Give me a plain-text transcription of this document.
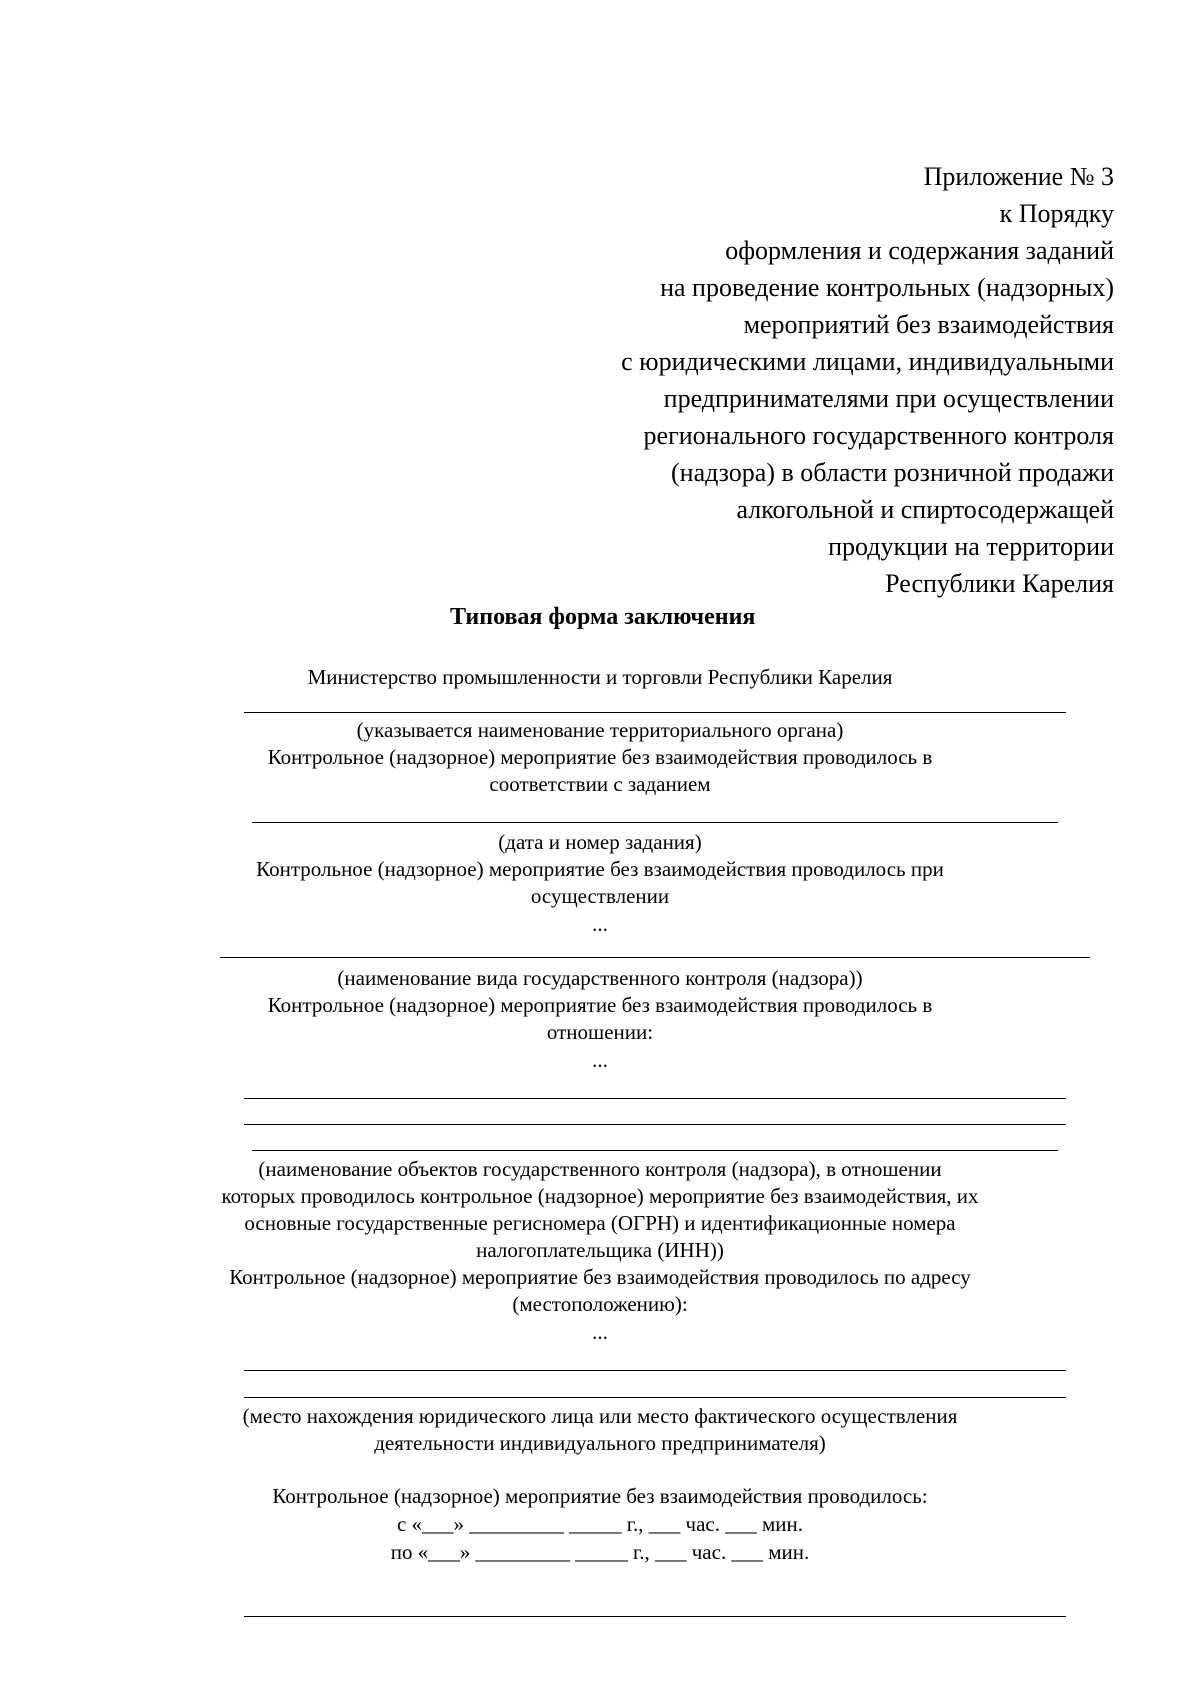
Приложение № 3
к Порядку
оформления и содержания заданий
на проведение контрольных (надзорных)
мероприятий без взаимодействия
с юридическими лицами, индивидуальными
предпринимателями при осуществлении
регионального государственного контроля
(надзора) в области розничной продажи
алкогольной и спиртосодержащей
продукции на территории
Республики Карелия
Типовая форма заключения
Министерство промышленности и торговли Республики Карелия
(указывается наименование территориального органа)
Контрольное (надзорное) мероприятие без взаимодействия проводилось в
соответствии с заданием
(дата и номер задания)
Контрольное (надзорное) мероприятие без взаимодействия проводилось при
осуществлении
...
(наименование вида государственного контроля (надзора))
Контрольное (надзорное) мероприятие без взаимодействия проводилось в
отношении:
...
(наименование объектов государственного контроля (надзора), в отношении
которых проводилось контрольное (надзорное) мероприятие без взаимодействия, их
основные государственные регисномера (ОГРН) и идентификационные номера
налогоплательщика (ИНН))
Контрольное (надзорное) мероприятие без взаимодействия проводилось по адресу
(местоположению):
...
(место нахождения юридического лица или место фактического осуществления
деятельности индивидуального предпринимателя)
Контрольное (надзорное) мероприятие без взаимодействия проводилось:
с «___» _________ _____ г., ___ час. ___ мин.
по «___» _________ _____ г., ___ час. ___ мин.
